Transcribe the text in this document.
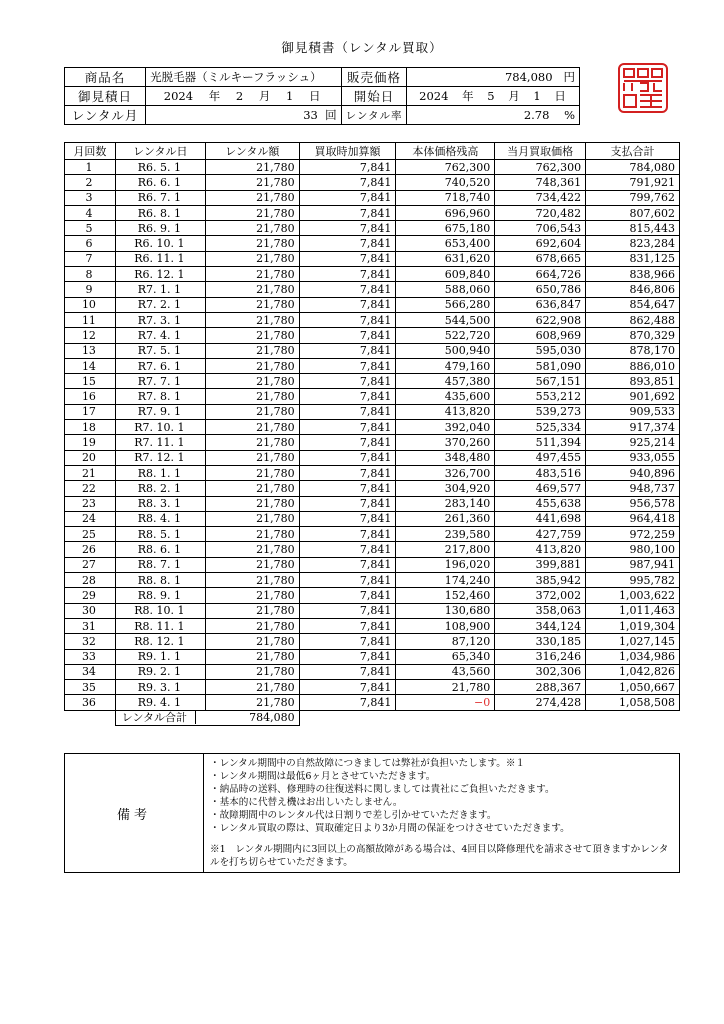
御見積書（レンタル買取）
商品名	光脱毛器（ミルキーフラッシュ）	販売価格	784,080 円
御見積日	2024 年 2 月 1 日	開始日	2024 年 5 月 1 日
レンタル月	33 回	レンタル率	2.78 %
月回数	レンタル日	レンタル額	買取時加算額	本体価格残高	当月買取価格	支払合計
1	R6. 5. 1	21,780	7,841	762,300	762,300	784,080
2	R6. 6. 1	21,780	7,841	740,520	748,361	791,921
3	R6. 7. 1	21,780	7,841	718,740	734,422	799,762
4	R6. 8. 1	21,780	7,841	696,960	720,482	807,602
5	R6. 9. 1	21,780	7,841	675,180	706,543	815,443
6	R6. 10. 1	21,780	7,841	653,400	692,604	823,284
7	R6. 11. 1	21,780	7,841	631,620	678,665	831,125
8	R6. 12. 1	21,780	7,841	609,840	664,726	838,966
9	R7. 1. 1	21,780	7,841	588,060	650,786	846,806
10	R7. 2. 1	21,780	7,841	566,280	636,847	854,647
11	R7. 3. 1	21,780	7,841	544,500	622,908	862,488
12	R7. 4. 1	21,780	7,841	522,720	608,969	870,329
13	R7. 5. 1	21,780	7,841	500,940	595,030	878,170
14	R7. 6. 1	21,780	7,841	479,160	581,090	886,010
15	R7. 7. 1	21,780	7,841	457,380	567,151	893,851
16	R7. 8. 1	21,780	7,841	435,600	553,212	901,692
17	R7. 9. 1	21,780	7,841	413,820	539,273	909,533
18	R7. 10. 1	21,780	7,841	392,040	525,334	917,374
19	R7. 11. 1	21,780	7,841	370,260	511,394	925,214
20	R7. 12. 1	21,780	7,841	348,480	497,455	933,055
21	R8. 1. 1	21,780	7,841	326,700	483,516	940,896
22	R8. 2. 1	21,780	7,841	304,920	469,577	948,737
23	R8. 3. 1	21,780	7,841	283,140	455,638	956,578
24	R8. 4. 1	21,780	7,841	261,360	441,698	964,418
25	R8. 5. 1	21,780	7,841	239,580	427,759	972,259
26	R8. 6. 1	21,780	7,841	217,800	413,820	980,100
27	R8. 7. 1	21,780	7,841	196,020	399,881	987,941
28	R8. 8. 1	21,780	7,841	174,240	385,942	995,782
29	R8. 9. 1	21,780	7,841	152,460	372,002	1,003,622
30	R8. 10. 1	21,780	7,841	130,680	358,063	1,011,463
31	R8. 11. 1	21,780	7,841	108,900	344,124	1,019,304
32	R8. 12. 1	21,780	7,841	87,120	330,185	1,027,145
33	R9. 1. 1	21,780	7,841	65,340	316,246	1,034,986
34	R9. 2. 1	21,780	7,841	43,560	302,306	1,042,826
35	R9. 3. 1	21,780	7,841	21,780	288,367	1,050,667
36	R9. 4. 1	21,780	7,841	−0	274,428	1,058,508

	レンタル合計 784,080					

備考	
・レンタル期間中の自然故障につきましては弊社が負担いたします。※１
・レンタル期間は最低6ヶ月とさせていただきます。
・納品時の送料、修理時の往復送料に関しましては貴社にご負担いただきます。
・基本的に代替え機はお出しいたしません。
・故障期間中のレンタル代は日割りで差し引かせていただきます。
・レンタル買取の際は、買取確定日より3か月間の保証をつけさせていただきます。
※1　レンタル期間内に3回以上の高額故障がある場合は、4回目以降修理代を請求させて頂きますかレンタルを打ち切らせていただきます。
